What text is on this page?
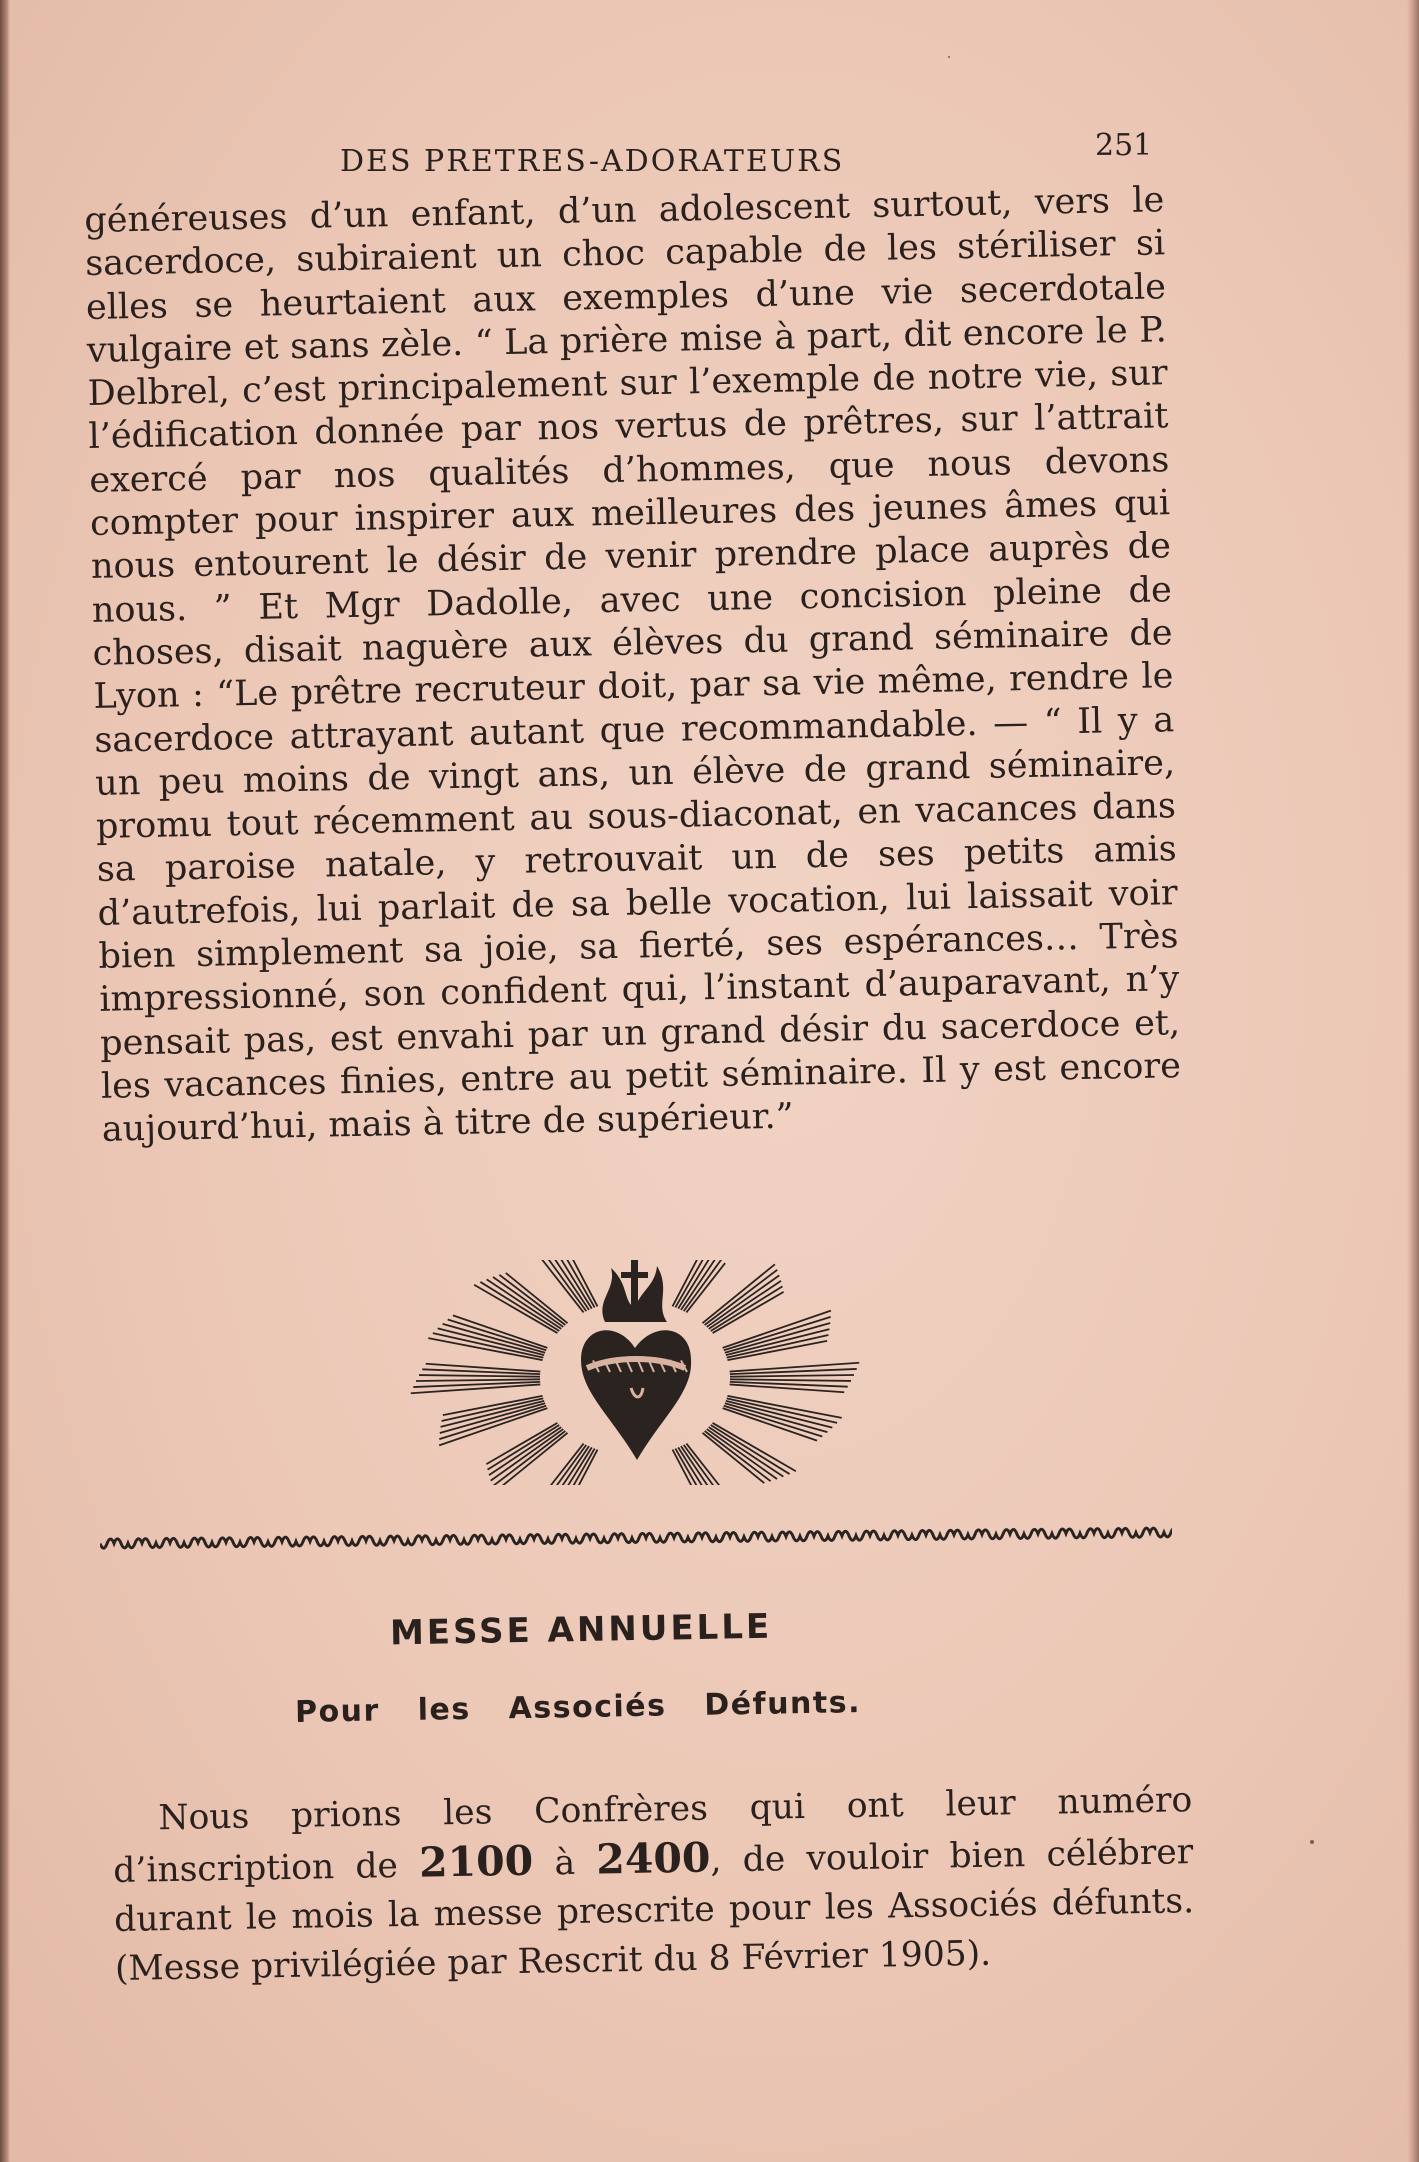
DES PRETRES-ADORATEURS	251

généreuses d’un enfant, d’un adolescent surtout, vers le sacerdoce, subiraient un choc capable de les stériliser si elles se heurtaient aux exemples d’une vie secerdotale vulgaire et sans zèle. “ La prière mise à part, dit encore le P. Delbrel, c’est principalement sur l’exemple de notre vie, sur l’édification donnée par nos vertus de prêtres, sur l’attrait exercé par nos qualités d’hommes, que nous devons compter pour inspirer aux meilleures des jeunes âmes qui nous entourent le désir de venir prendre place auprès de nous. ” Et Mgr Dadolle, avec une concision pleine de choses, disait naguère aux élèves du grand séminaire de Lyon : “Le prêtre recruteur doit, par sa vie même, rendre le sacerdoce attrayant autant que recommandable. — “ Il y a un peu moins de vingt ans, un élève de grand séminaire, promu tout récemment au sous-diaconat, en vacances dans sa paroise natale, y retrouvait un de ses petits amis d’autrefois, lui parlait de sa belle vocation, lui laissait voir bien simplement sa joie, sa fierté, ses espérances… Très impressionné, son confident qui, l’instant d’auparavant, n’y pensait pas, est envahi par un grand désir du sacerdoce et, les vacances finies, entre au petit séminaire. Il y est encore aujourd’hui, mais à titre de supérieur.”

MESSE ANNUELLE
Pour les Associés Défunts.

Nous prions les Confrères qui ont leur numéro d’inscription de 2100 à 2400, de vouloir bien célébrer durant le mois la messe prescrite pour les Associés défunts. (Messe privilégiée par Rescrit du 8 Février 1905).
